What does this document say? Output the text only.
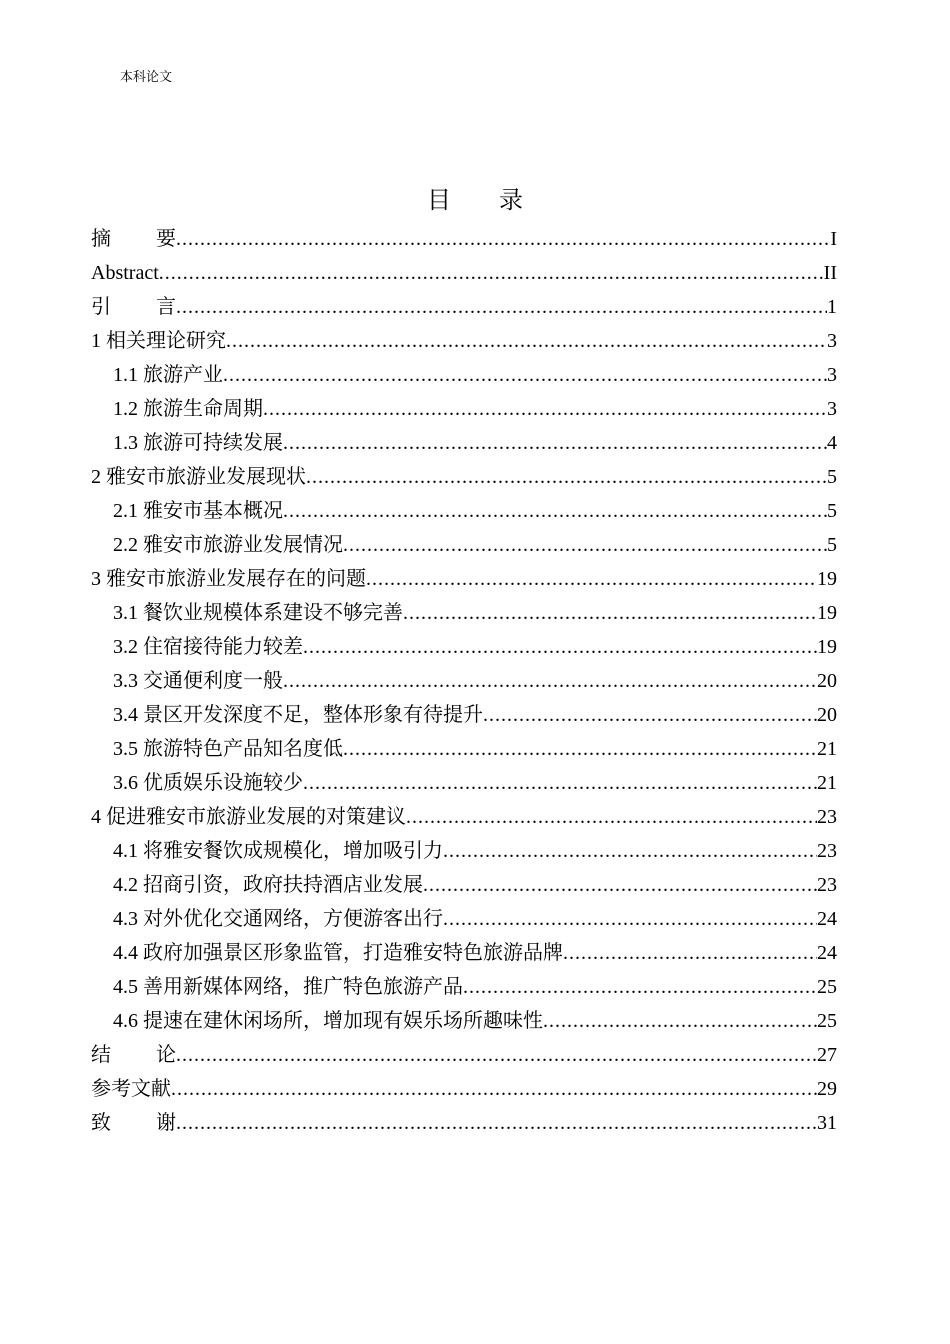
本科论文
目录
摘要 .....	I
Abstract .....	II
引言 .....	1
1 相关理论研究 .....	3
1.1 旅游产业 .....	3
1.2 旅游生命周期 .....	3
1.3 旅游可持续发展 .....	4
2 雅安市旅游业发展现状 .....	5
2.1 雅安市基本概况 .....	5
2.2 雅安市旅游业发展情况 .....	5
3 雅安市旅游业发展存在的问题 .....	19
3.1 餐饮业规模体系建设不够完善 .....	19
3.2 住宿接待能力较差 .....	19
3.3 交通便利度一般 .....	20
3.4 景区开发深度不足，整体形象有待提升 .....	20
3.5 旅游特色产品知名度低 .....	21
3.6 优质娱乐设施较少 .....	21
4 促进雅安市旅游业发展的对策建议 .....	23
4.1 将雅安餐饮成规模化，增加吸引力 .....	23
4.2 招商引资，政府扶持酒店业发展 .....	23
4.3 对外优化交通网络，方便游客出行 .....	24
4.4 政府加强景区形象监管，打造雅安特色旅游品牌 .....	24
4.5 善用新媒体网络，推广特色旅游产品 .....	25
4.6 提速在建休闲场所，增加现有娱乐场所趣味性 .....	25
结论 .....	27
参考文献 .....	29
致谢 .....	31
